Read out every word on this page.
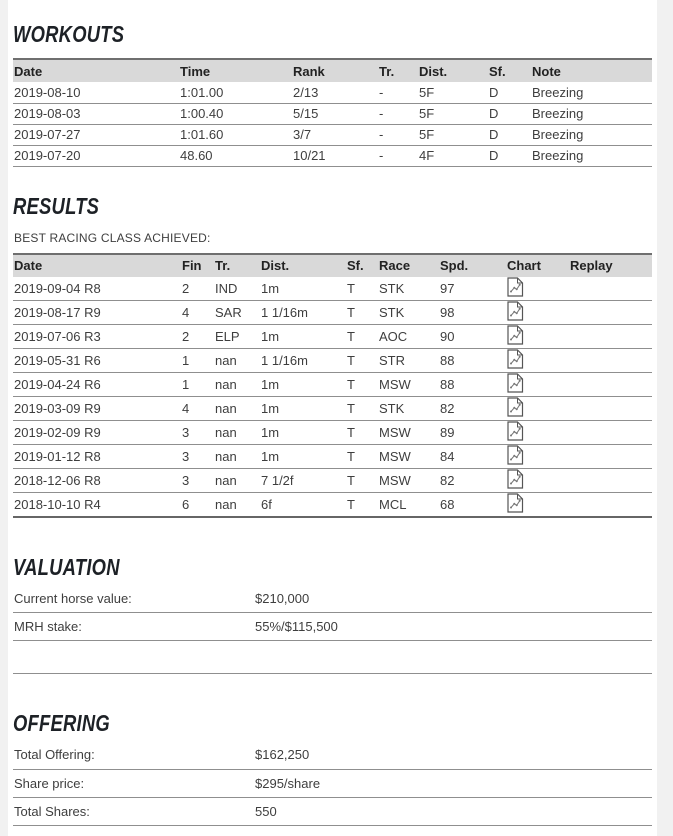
WORKOUTS
Date	Time	Rank	Tr.	Dist.	Sf.	Note
2019-08-10	1:01.00	2/13	-	5F	D	Breezing
2019-08-03	1:00.40	5/15	-	5F	D	Breezing
2019-07-27	1:01.60	3/7	-	5F	D	Breezing
2019-07-20	48.60	10/21	-	4F	D	Breezing
RESULTS
BEST RACING CLASS ACHIEVED:
Date	Fin	Tr.	Dist.	Sf.	Race	Spd.	Chart	Replay
2019-09-04 R8	2	IND	1m	T	STK	97		
2019-08-17 R9	4	SAR	1 1/16m	T	STK	98		
2019-07-06 R3	2	ELP	1m	T	AOC	90		
2019-05-31 R6	1	nan	1 1/16m	T	STR	88		
2019-04-24 R6	1	nan	1m	T	MSW	88		
2019-03-09 R9	4	nan	1m	T	STK	82		
2019-02-09 R9	3	nan	1m	T	MSW	89		
2019-01-12 R8	3	nan	1m	T	MSW	84		
2018-12-06 R8	3	nan	7 1/2f	T	MSW	82		
2018-10-10 R4	6	nan	6f	T	MCL	68		
VALUATION
Current horse value:	$210,000
MRH stake:	55%/$115,500
OFFERING
Total Offering:	$162,250
Share price:	$295/share
Total Shares:	550
